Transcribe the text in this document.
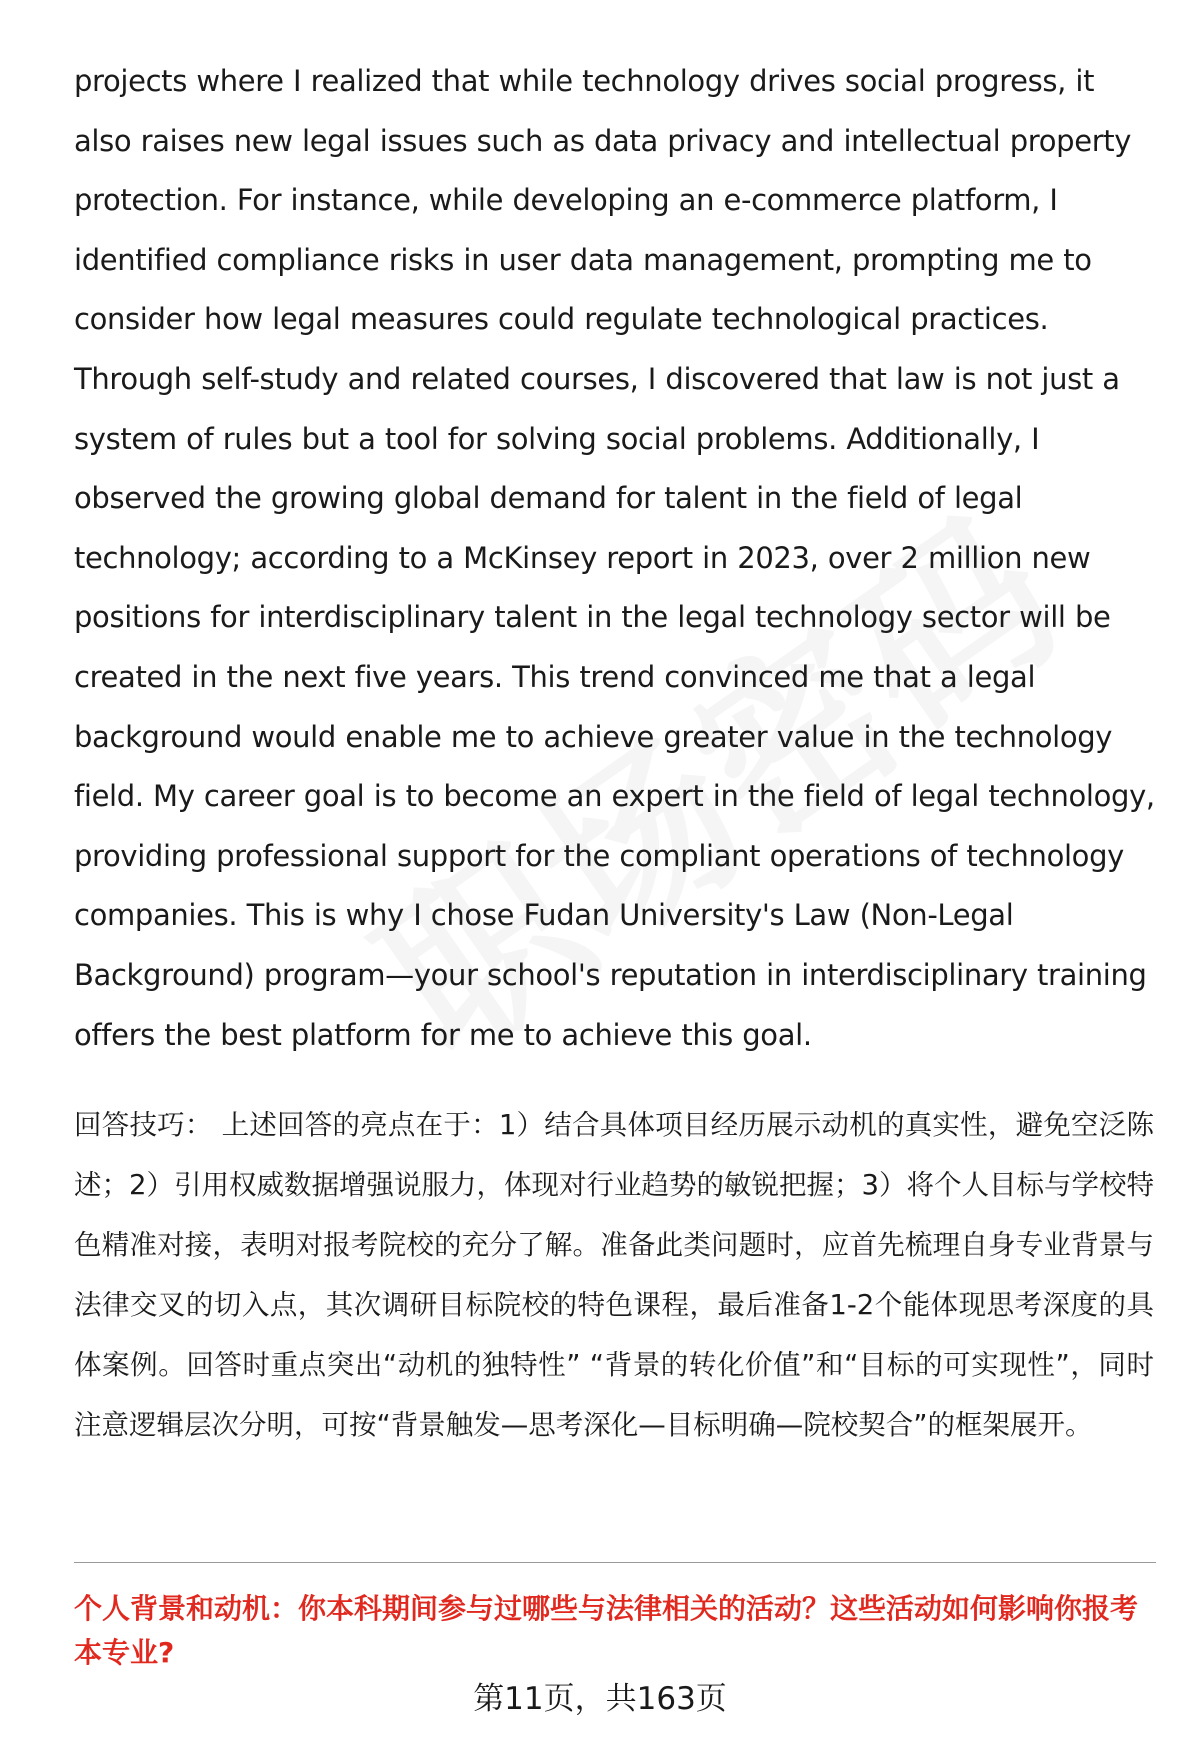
projects where I realized that while technology drives social progress, it also raises new legal issues such as data privacy and intellectual property protection. For instance, while developing an e-commerce platform, I identified compliance risks in user data management, prompting me to consider how legal measures could regulate technological practices. Through self-study and related courses, I discovered that law is not just a system of rules but a tool for solving social problems. Additionally, I observed the growing global demand for talent in the field of legal technology; according to a McKinsey report in 2023, over 2 million new positions for interdisciplinary talent in the legal technology sector will be created in the next five years. This trend convinced me that a legal background would enable me to achieve greater value in the technology field. My career goal is to become an expert in the field of legal technology, providing professional support for the compliant operations of technology companies. This is why I chose Fudan University's Law (Non-Legal Background) program—your school's reputation in interdisciplinary training offers the best platform for me to achieve this goal.

回答技巧： 上述回答的亮点在于：1）结合具体项目经历展示动机的真实性，避免空泛陈述；2）引用权威数据增强说服力，体现对行业趋势的敏锐把握；3）将个人目标与学校特色精准对接，表明对报考院校的充分了解。准备此类问题时，应首先梳理自身专业背景与法律交叉的切入点，其次调研目标院校的特色课程，最后准备1-2个能体现思考深度的具体案例。回答时重点突出“动机的独特性” “背景的转化价值”和“目标的可实现性”，同时注意逻辑层次分明，可按“背景触发—思考深化—目标明确—院校契合”的框架展开。

个人背景和动机：你本科期间参与过哪些与法律相关的活动？这些活动如何影响你报考本专业?

第11页，共163页
